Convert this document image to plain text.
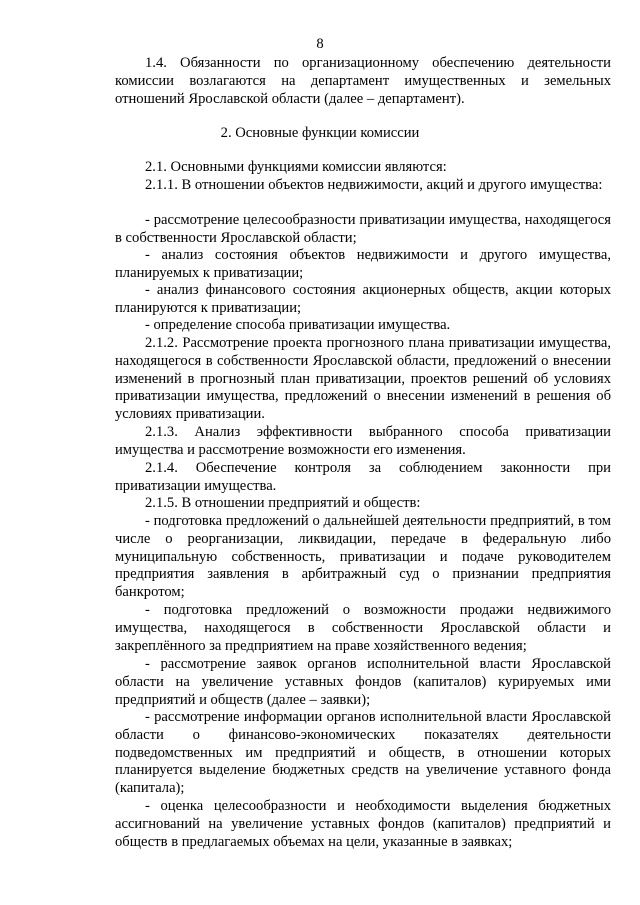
8

1.4. Обязанности по организационному обеспечению деятельности комиссии возлагаются на департамент имущественных и земельных отношений Ярославской области (далее – департамент).

2. Основные функции комиссии

2.1. Основными функциями комиссии являются:

2.1.1. В отношении объектов недвижимости, акций и другого имущества:

- рассмотрение целесообразности приватизации имущества, находящегося в собственности Ярославской области;

- анализ состояния объектов недвижимости и другого имущества, планируемых к приватизации;

- анализ финансового состояния акционерных обществ, акции которых планируются к приватизации;

- определение способа приватизации имущества.

2.1.2. Рассмотрение проекта прогнозного плана приватизации имущества, находящегося в собственности Ярославской области, предложений о внесении изменений в прогнозный план приватизации, проектов решений об условиях приватизации имущества, предложений о внесении изменений в решения об условиях приватизации.

2.1.3. Анализ эффективности выбранного способа приватизации имущества и рассмотрение возможности его изменения.

2.1.4. Обеспечение контроля за соблюдением законности при приватизации имущества.

2.1.5. В отношении предприятий и обществ:

- подготовка предложений о дальнейшей деятельности предприятий, в том числе о реорганизации, ликвидации, передаче в федеральную либо муниципальную собственность, приватизации и подаче руководителем предприятия заявления в арбитражный суд о признании предприятия банкротом;

- подготовка предложений о возможности продажи недвижимого имущества, находящегося в собственности Ярославской области и закреплённого за предприятием на праве хозяйственного ведения;

- рассмотрение заявок органов исполнительной власти Ярославской области на увеличение уставных фондов (капиталов) курируемых ими предприятий и обществ (далее – заявки);

- рассмотрение информации органов исполнительной власти Ярославской области о финансово-экономических показателях деятельности подведомственных им предприятий и обществ, в отношении которых планируется выделение бюджетных средств на увеличение уставного фонда (капитала);

- оценка целесообразности и необходимости выделения бюджетных ассигнований на увеличение уставных фондов (капиталов) предприятий и обществ в предлагаемых объемах на цели, указанные в заявках;
